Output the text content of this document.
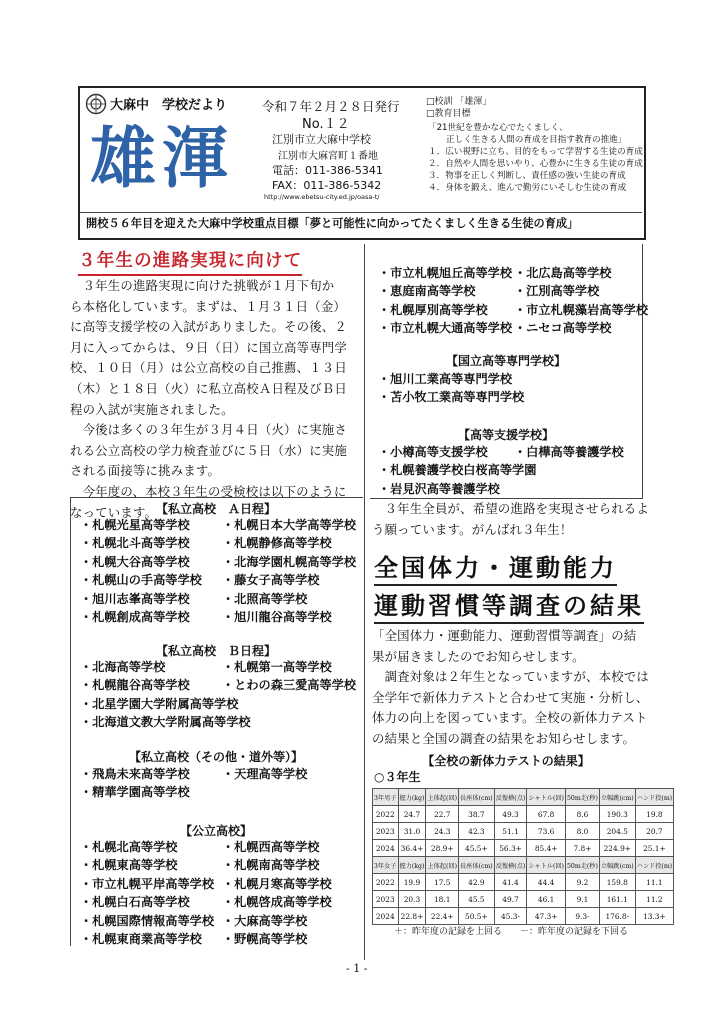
大麻中　学校だより
雄渾
令和７年２月２８日発行
No.１２
江別市立大麻中学校
江別市大麻宮町１番地
電話：011-386-5341
FAX：011-386-5342
http://www.ebetsu-city.ed.jp/oasa-t/
□校訓 「雄渾」
□教育目標
「21世紀を豊かな心でたくましく、
正しく生きる人間の育成を目指す教育の推進」
１．広い視野に立ち、目的をもって学習する生徒の育成
２．自然や人間を思いやり、心豊かに生きる生徒の育成
３．物事を正しく判断し、責任感の強い生徒の育成
４．身体を鍛え、進んで勤労にいそしむ生徒の育成
開校５６年目を迎えた大麻中学校重点目標「夢と可能性に向かってたくましく生きる生徒の育成」
３年生の進路実現に向けて
　３年生の進路実現に向けた挑戦が１月下旬か
ら本格化しています。まずは、１月３１日（金）
に高等支援学校の入試がありました。その後、２
月に入ってからは、９日（日）に国立高等専門学
校、１０日（月）は公立高校の自己推薦、１３日
（木）と１８日（火）に私立高校Ａ日程及びＢ日
程の入試が実施されました。
　今後は多くの３年生が３月４日（火）に実施さ
れる公立高校の学力検査並びに５日（水）に実施
される面接等に挑みます。
　今年度の、本校３年生の受検校は以下のように
なっています。
【私立高校　Ａ日程】
・札幌光星高等学校	・札幌日本大学高等学校
・札幌北斗高等学校	・札幌静修高等学校
・札幌大谷高等学校	・北海学園札幌高等学校
・札幌山の手高等学校 ・藤女子高等学校
・旭川志峯高等学校	・北照高等学校
・札幌創成高等学校	・旭川龍谷高等学校
【私立高校　Ｂ日程】
・北海高等学校	・札幌第一高等学校
・札幌龍谷高等学校	・とわの森三愛高等学校
・北星学園大学附属高等学校
・北海道文教大学附属高等学校
【私立高校（その他・道外等）】
・飛鳥未来高等学校	・天理高等学校
・精華学園高等学校
【公立高校】
・札幌北高等学校	・札幌西高等学校
・札幌東高等学校	・札幌南高等学校
・市立札幌平岸高等学校 ・札幌月寒高等学校
・札幌白石高等学校	・札幌啓成高等学校
・札幌国際情報高等学校 ・大麻高等学校
・札幌東商業高等学校 ・野幌高等学校
・市立札幌旭丘高等学校 ・北広島高等学校
・恵庭南高等学校	・江別高等学校
・札幌厚別高等学校 ・市立札幌藻岩高等学校
・市立札幌大通高等学校 ・ニセコ高等学校
【国立高等専門学校】
・旭川工業高等専門学校
・苫小牧工業高等専門学校
【高等支援学校】
・小樽高等支援学校 ・白樺高等養護学校
・札幌養護学校白桜高等学園
・岩見沢高等養護学校
　３年生全員が、希望の進路を実現させられるよ
う願っています。がんばれ３年生！
全国体力・運動能力
運動習慣等調査の結果
「全国体力・運動能力、運動習慣等調査」の結
果が届きましたのでお知らせします。
　調査対象は２年生となっていますが、本校では
全学年で新体力テストと合わせて実施・分析し、
体力の向上を図っています。全校の新体力テスト
の結果と全国の調査の結果をお知らせします。
【全校の新体力テストの結果】
○３年生
3年男子	握力(kg)	上体起(回)	長座体(cm)	反復横(点)	シャトル(回)	50m走(秒)	立幅跳(cm)	ハンド投(m)
2022	24.7	22.7	38.7	49.3	67.8	8.6	190.3	19.8
2023	31.0	24.3	42.3	51.1	73.6	8.0	204.5	20.7
2024	36.4+	28.9+	45.5+	56.3+	85.4+	7.8+	224.9+	25.1+
3年女子	握力(kg)	上体起(回)	長座体(cm)	反復横(点)	シャトル(回)	50m走(秒)	立幅跳(cm)	ハンド投(m)
2022	19.9	17.5	42.9	41.4	44.4	9.2	159.8	11.1
2023	20.3	18.1	45.5	49.7	46.1	9.1	161.1	11.2
2024	22.8+	22.4+	50.5+	45.3-	47.3+	9.3-	176.8-	13.3+
＋：昨年度の記録を上回る　　－：昨年度の記録を下回る
- 1 -
